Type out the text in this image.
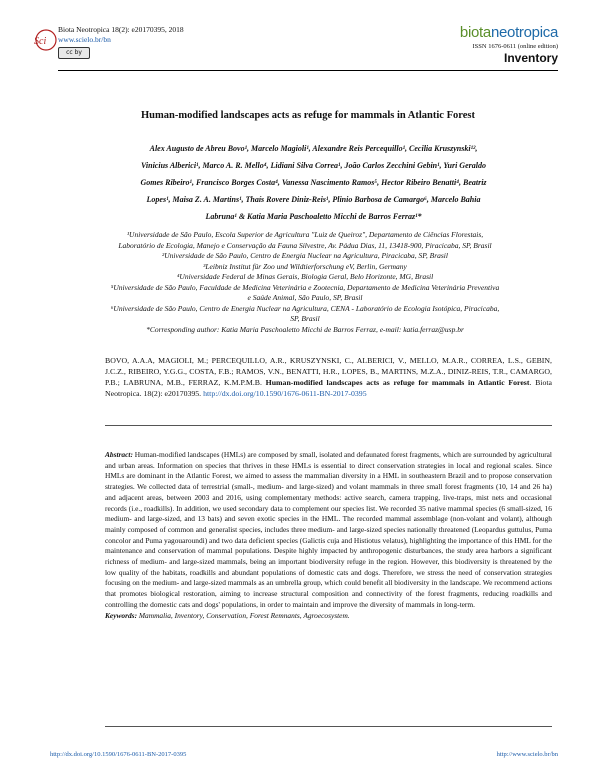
Sci
Biota Neotropica 18(2): e20170395, 2018
www.scielo.br/bn
cc by
biotaneotropica
ISSN 1676-0611 (online edition)
Inventory
Human-modified landscapes acts as refuge for mammals in Atlantic Forest
Alex Augusto de Abreu Bovo¹, Marcelo Magioli¹, Alexandre Reis Percequillo¹, Cecilia Kruszynski¹²,
Vinicius Alberici¹, Marco A. R. Mello⁴, Lidiani Silva Correa¹, João Carlos Zecchini Gebin¹, Yuri Geraldo
Gomes Ribeiro¹, Francisco Borges Costa⁴, Vanessa Nascimento Ramos⁵, Hector Ribeiro Benatti⁴, Beatriz
Lopes¹, Maisa Z. A. Martins¹, Thaís Rovere Diniz-Reis¹, Plinio Barbosa de Camargo⁶, Marcelo Bahia
Labruna¹ & Katia Maria Paschoaletto Micchi de Barros Ferraz¹*

¹Universidade de São Paulo, Escola Superior de Agricultura "Luiz de Queiroz", Departamento de Ciências Florestais, Laboratório de Ecologia, Manejo e Conservação da Fauna Silvestre, Av. Pádua Dias, 11, 13418-900, Piracicaba, SP, Brasil

²Universidade de São Paulo, Centro de Energia Nuclear na Agricultura, Piracicaba, SP, Brasil

³Leibniz Institut für Zoo und Wildtierforschung eV, Berlin, Germany

⁴Universidade Federal de Minas Gerais, Biologia Geral, Belo Horizonte, MG, Brasil

⁵Universidade de São Paulo, Faculdade de Medicina Veterinária e Zootecnia, Departamento de Medicina Veterinária Preventiva e Saúde Animal, São Paulo, SP, Brasil

⁶Universidade de São Paulo, Centro de Energia Nuclear na Agricultura, CENA - Laboratório de Ecologia Isotópica, Piracicaba, SP, Brasil

*Corresponding author: Katia Maria Paschoaletto Micchi de Barros Ferraz, e-mail: katia.ferraz@usp.br

BOVO, A.A.A, MAGIOLI, M.; PERCEQUILLO, A.R., KRUSZYNSKI, C., ALBERICI, V., MELLO, M.A.R., CORREA, L.S., GEBIN, J.C.Z., RIBEIRO, Y.G.G., COSTA, F.B.; RAMOS, V.N., BENATTI, H.R., LOPES, B., MARTINS, M.Z.A., DINIZ-REIS, T.R., CAMARGO, P.B.; LABRUNA, M.B., FERRAZ, K.M.P.M.B. Human-modified landscapes acts as refuge for mammals in Atlantic Forest. Biota Neotropica. 18(2): e20170395. http://dx.doi.org/10.1590/1676-0611-BN-2017-0395

Abstract: Human-modified landscapes (HMLs) are composed by small, isolated and defaunated forest fragments, which are surrounded by agricultural and urban areas. Information on species that thrives in these HMLs is essential to direct conservation strategies in local and regional scales. Since HMLs are dominant in the Atlantic Forest, we aimed to assess the mammalian diversity in a HML in southeastern Brazil and to propose conservation strategies. We collected data of terrestrial (small-, medium- and large-sized) and volant mammals in three small forest fragments (10, 14 and 26 ha) and adjacent areas, between 2003 and 2016, using complementary methods: active search, camera trapping, live-traps, mist nets and occasional records (i.e., roadkills). In addition, we used secondary data to complement our species list. We recorded 35 native mammal species (6 small-sized, 16 medium- and large-sized, and 13 bats) and seven exotic species in the HML. The recorded mammal assemblage (non-volant and volant), although mainly composed of common and generalist species, includes three medium- and large-sized species nationally threatened (Leopardus guttulus, Puma concolor and Puma yagouaroundi) and two data deficient species (Galictis cuja and Histiotus velatus), highlighting the importance of this HML for the maintenance and conservation of mammal populations. Despite highly impacted by anthropogenic disturbances, the study area harbors a significant richness of medium- and large-sized mammals, being an important biodiversity refuge in the region. However, this biodiversity is threatened by the low quality of the habitats, roadkills and abundant populations of domestic cats and dogs. Therefore, we stress the need of conservation strategies focusing on the medium- and large-sized mammals as an umbrella group, which could benefit all biodiversity in the landscape. We recommend actions that promotes biological restoration, aiming to increase structural composition and connectivity of the forest fragments, reducing roadkills and controlling the domestic cats and dogs' populations, in order to maintain and improve the diversity of mammals in long-term.

Keywords: Mammalia, Inventory, Conservation, Forest Remnants, Agroecosystem.

http://dx.doi.org/10.1590/1676-0611-BN-2017-0395	http://www.scielo.br/bn
